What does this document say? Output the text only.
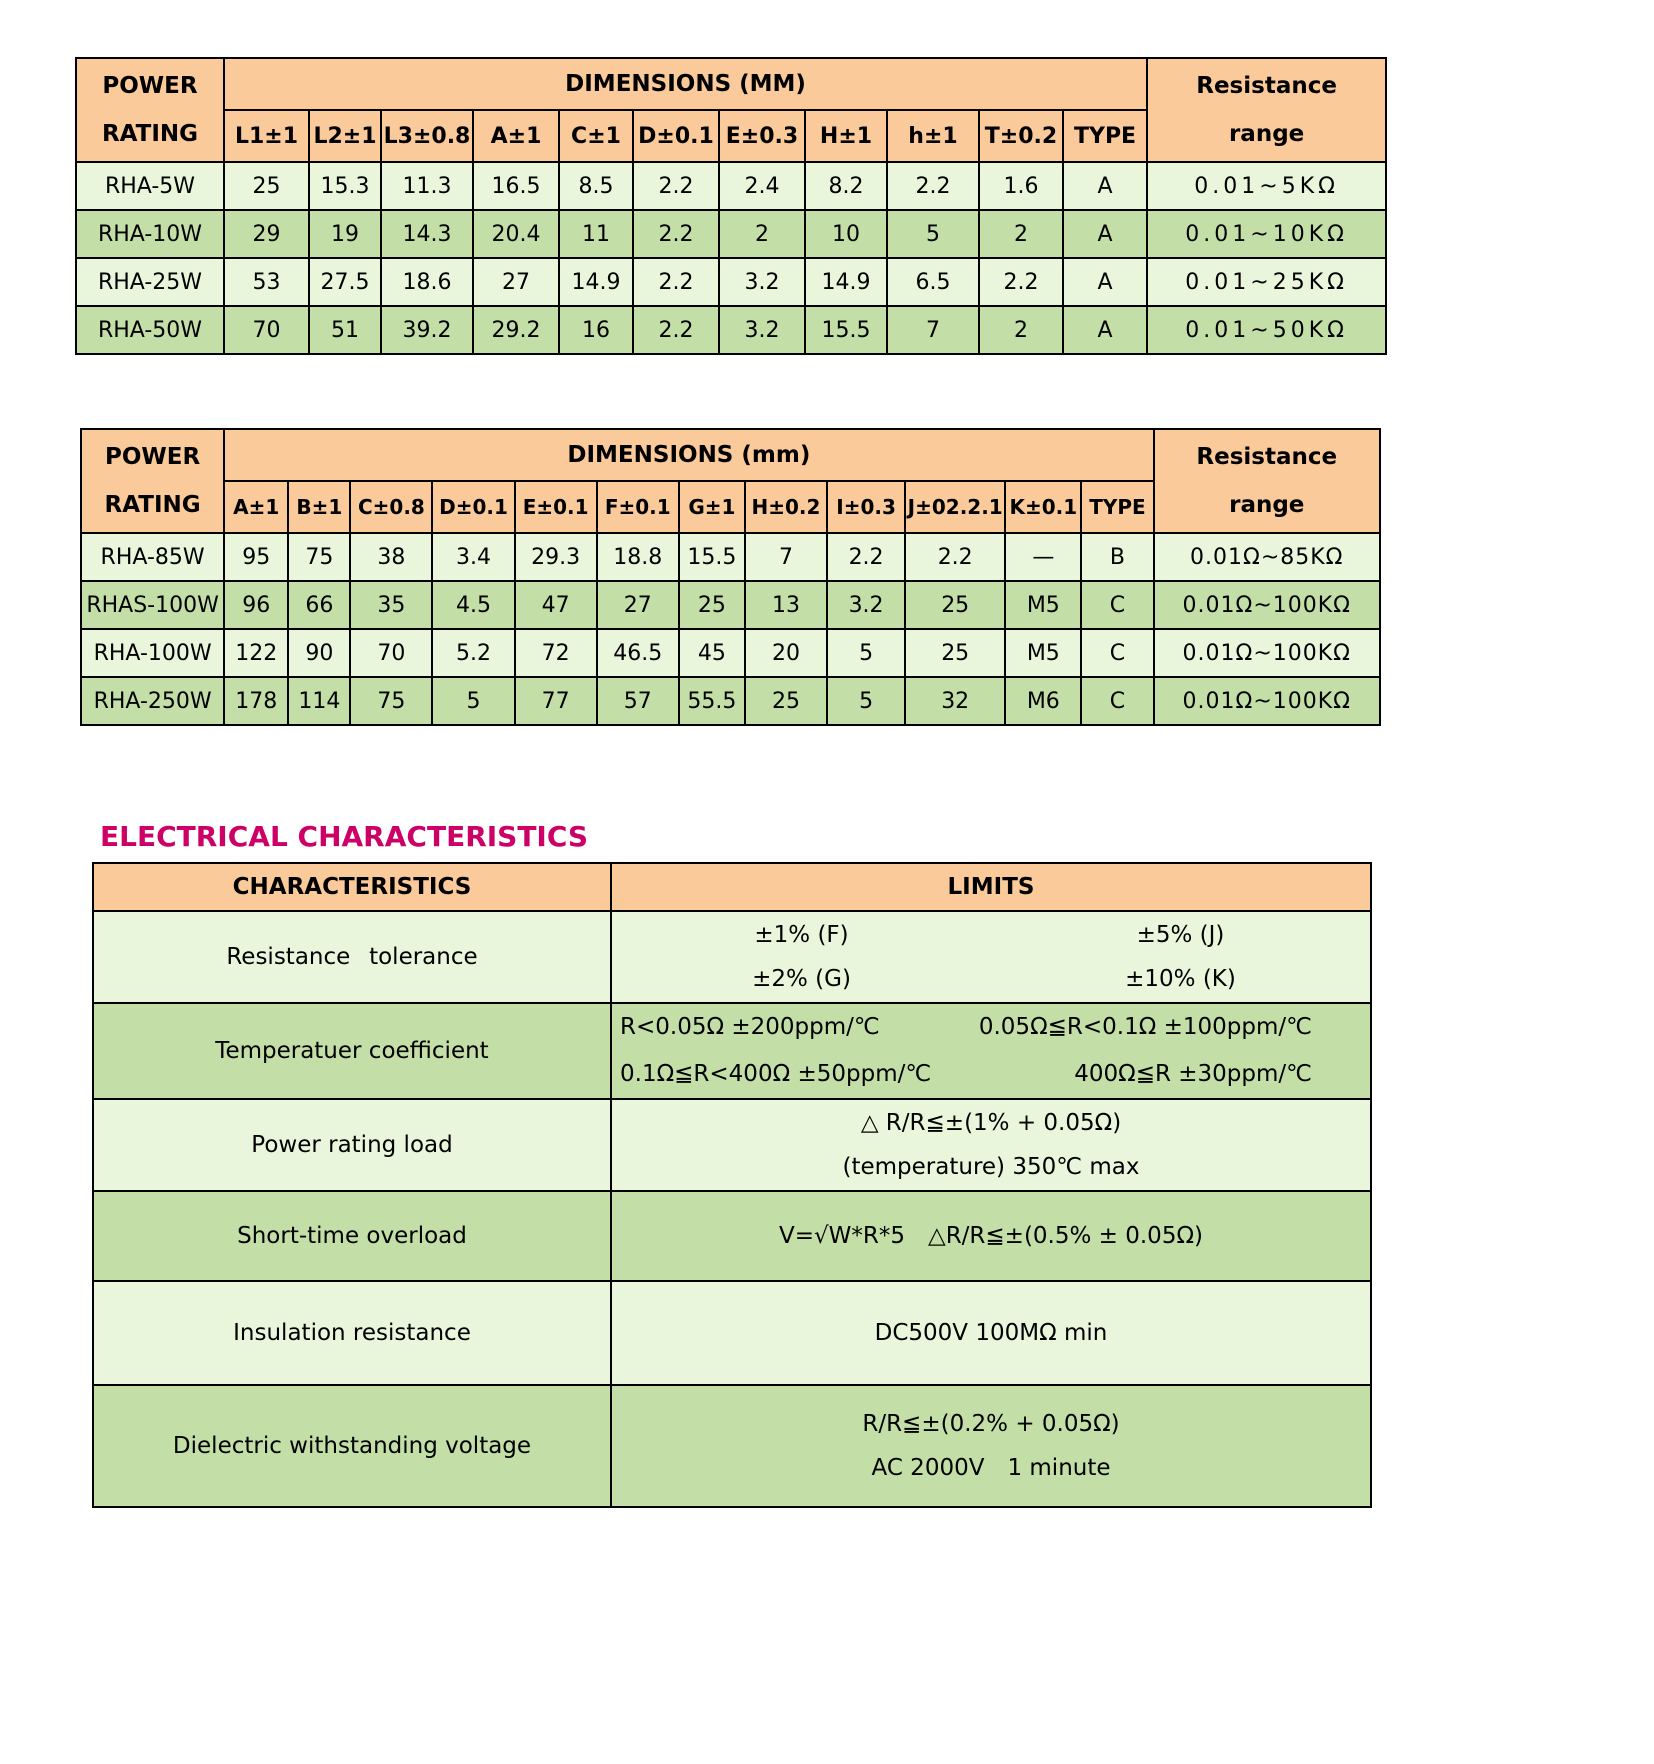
POWER
RATING
	DIMENSIONS (MM)	Resistance
range

	L1±1	L2±1	L3±0.8	A±1	C±1	D±0.1	E±0.3	H±1	h±1	T±0.2	TYPE	
RHA-5W	25	15.3	11.3	16.5	8.5	2.2	2.4	8.2	2.2	1.6	A	0.01~5KΩ
RHA-10W	29	19	14.3	20.4	11	2.2	2	10	5	2	A	0.01~10KΩ
RHA-25W	53	27.5	18.6	27	14.9	2.2	3.2	14.9	6.5	2.2	A	0.01~25KΩ
RHA-50W	70	51	39.2	29.2	16	2.2	3.2	15.5	7	2	A	0.01~50KΩ
POWER
RATING
	DIMENSIONS (mm)	Resistance
range

	A±1	B±1	C±0.8	D±0.1	E±0.1	F±0.1	G±1	H±0.2	I±0.3	J±02.2.1	K±0.1	TYPE	
RHA-85W	95	75	38	3.4	29.3	18.8	15.5	7	2.2	2.2	—	B	0.01Ω~85KΩ
RHAS-100W	96	66	35	4.5	47	27	25	13	3.2	25	M5	C	0.01Ω~100KΩ
RHA-100W	122	90	70	5.2	72	46.5	45	20	5	25	M5	C	0.01Ω~100KΩ
RHA-250W	178	114	75	5	77	57	55.5	25	5	32	M6	C	0.01Ω~100KΩ
ELECTRICAL CHARACTERISTICS
CHARACTERISTICS	LIMITS
Resistance  tolerance	±1% (F) ±5% (J)
±2% (G) ±10% (K)

Temperatuer coefficient	R<0.05Ω ±200ppm/℃ 0.05Ω≦R<0.1Ω ±100ppm/℃
0.1Ω≦R<400Ω ±50ppm/℃ 400Ω≦R ±30ppm/℃

Power rating load	△ R/R≦±(1% + 0.05Ω)
(temperature) 350℃ max

Short-time overload	V=√W*R*5 △R/R≦±(0.5% ± 0.05Ω)

Insulation resistance	DC500V 100MΩ min

Dielectric withstanding voltage	R/R≦±(0.2% + 0.05Ω)
AC 2000V 1 minute
